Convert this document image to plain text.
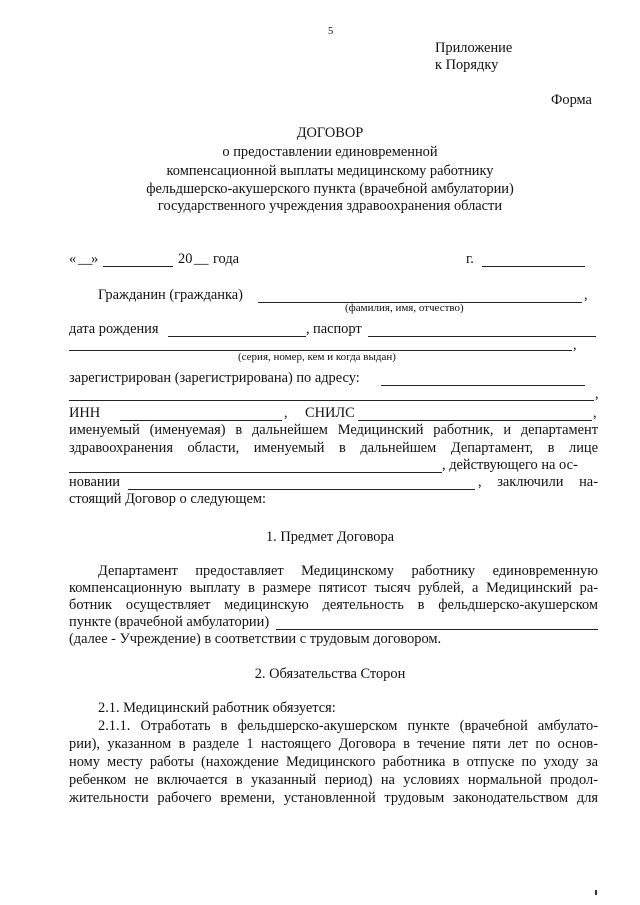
5
Приложение
к Порядку
Форма
ДОГОВОР
о предоставлении единовременной
компенсационной выплаты медицинскому работнику
фельдшерско-акушерского пункта (врачебной амбулатории)
государственного учреждения здравоохранения области
« __
»	20 __ года	г.
Гражданин (гражданка)	,
(фамилия, имя, отчество)
дата рождения	, паспорт
,
(серия, номер, кем и когда выдан)
зарегистрирован (зарегистрирована) по адресу:
,
ИНН	, СНИЛС	,
именуемый (именуемая) в дальнейшем Медицинский работник, и департамент
здравоохранения области, именуемый в дальнейшем Департамент, в лице
, действующего на ос-
новании	, заключили на-
стоящий Договор о следующем:
1. Предмет Договора
Департамент предоставляет Медицинскому работнику единовременную
компенсационную выплату в размере пятисот тысяч рублей, а Медицинский ра-
ботник осуществляет медицинскую деятельность в фельдшерско-акушерском
пункте (врачебной амбулатории)
(далее - Учреждение) в соответствии с трудовым договором.
2. Обязательства Сторон
2.1. Медицинский работник обязуется:
2.1.1. Отработать в фельдшерско-акушерском пункте (врачебной амбулато-
рии), указанном в разделе 1 настоящего Договора в течение пяти лет по основ-
ному месту работы (нахождение Медицинского работника в отпуске по уходу за
ребенком не включается в указанный период) на условиях нормальной продол-
жительности рабочего времени, установленной трудовым законодательством для
